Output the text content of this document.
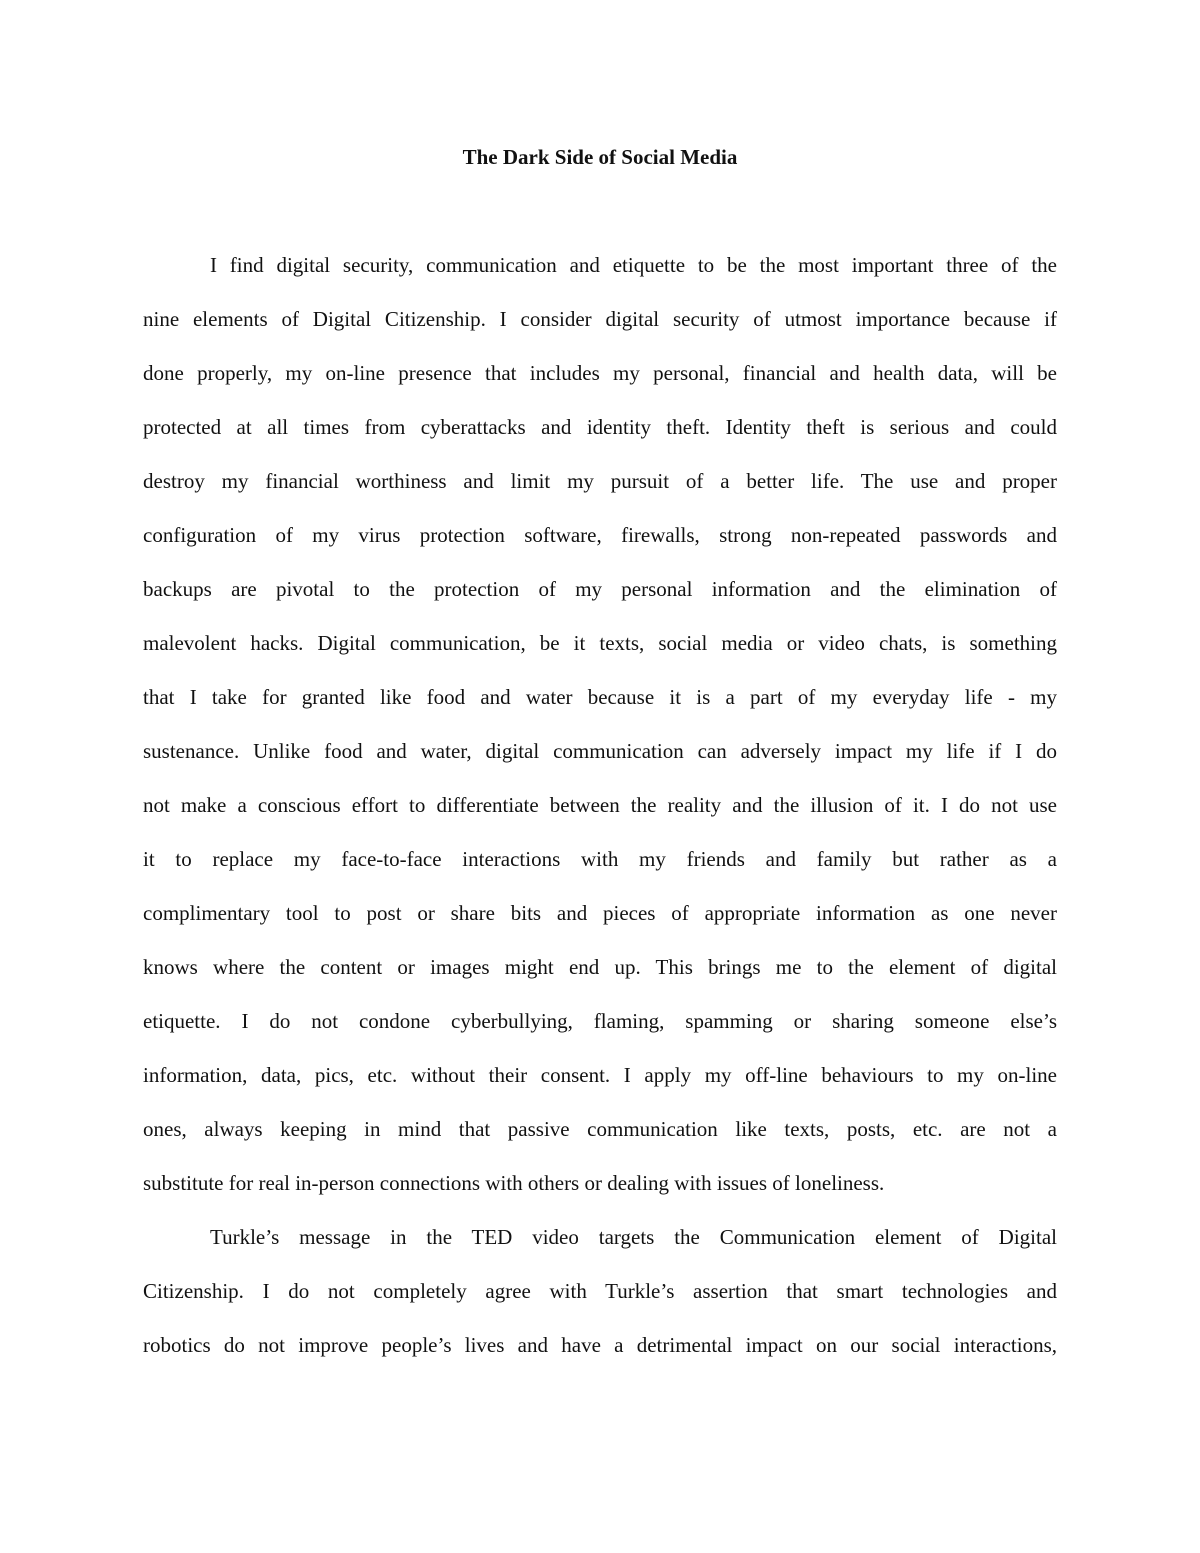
The Dark Side of Social Media
I find digital security, communication and etiquette to be the most important three of the
nine elements of Digital Citizenship. I consider digital security of utmost importance because if
done properly, my on-line presence that includes my personal, financial and health data, will be
protected at all times from cyberattacks and identity theft. Identity theft is serious and could
destroy my financial worthiness and limit my pursuit of a better life. The use and proper
configuration of my virus protection software, firewalls, strong non-repeated passwords and
backups are pivotal to the protection of my personal information and the elimination of
malevolent hacks. Digital communication, be it texts, social media or video chats, is something
that I take for granted like food and water because it is a part of my everyday life - my
sustenance. Unlike food and water, digital communication can adversely impact my life if I do
not make a conscious effort to differentiate between the reality and the illusion of it. I do not use
it to replace my face-to-face interactions with my friends and family but rather as a
complimentary tool to post or share bits and pieces of appropriate information as one never
knows where the content or images might end up. This brings me to the element of digital
etiquette. I do not condone cyberbullying, flaming, spamming or sharing someone else’s
information, data, pics, etc. without their consent. I apply my off-line behaviours to my on-line
ones, always keeping in mind that passive communication like texts, posts, etc. are not a
substitute for real in-person connections with others or dealing with issues of loneliness.
Turkle’s message in the TED video targets the Communication element of Digital
Citizenship. I do not completely agree with Turkle’s assertion that smart technologies and
robotics do not improve people’s lives and have a detrimental impact on our social interactions,
